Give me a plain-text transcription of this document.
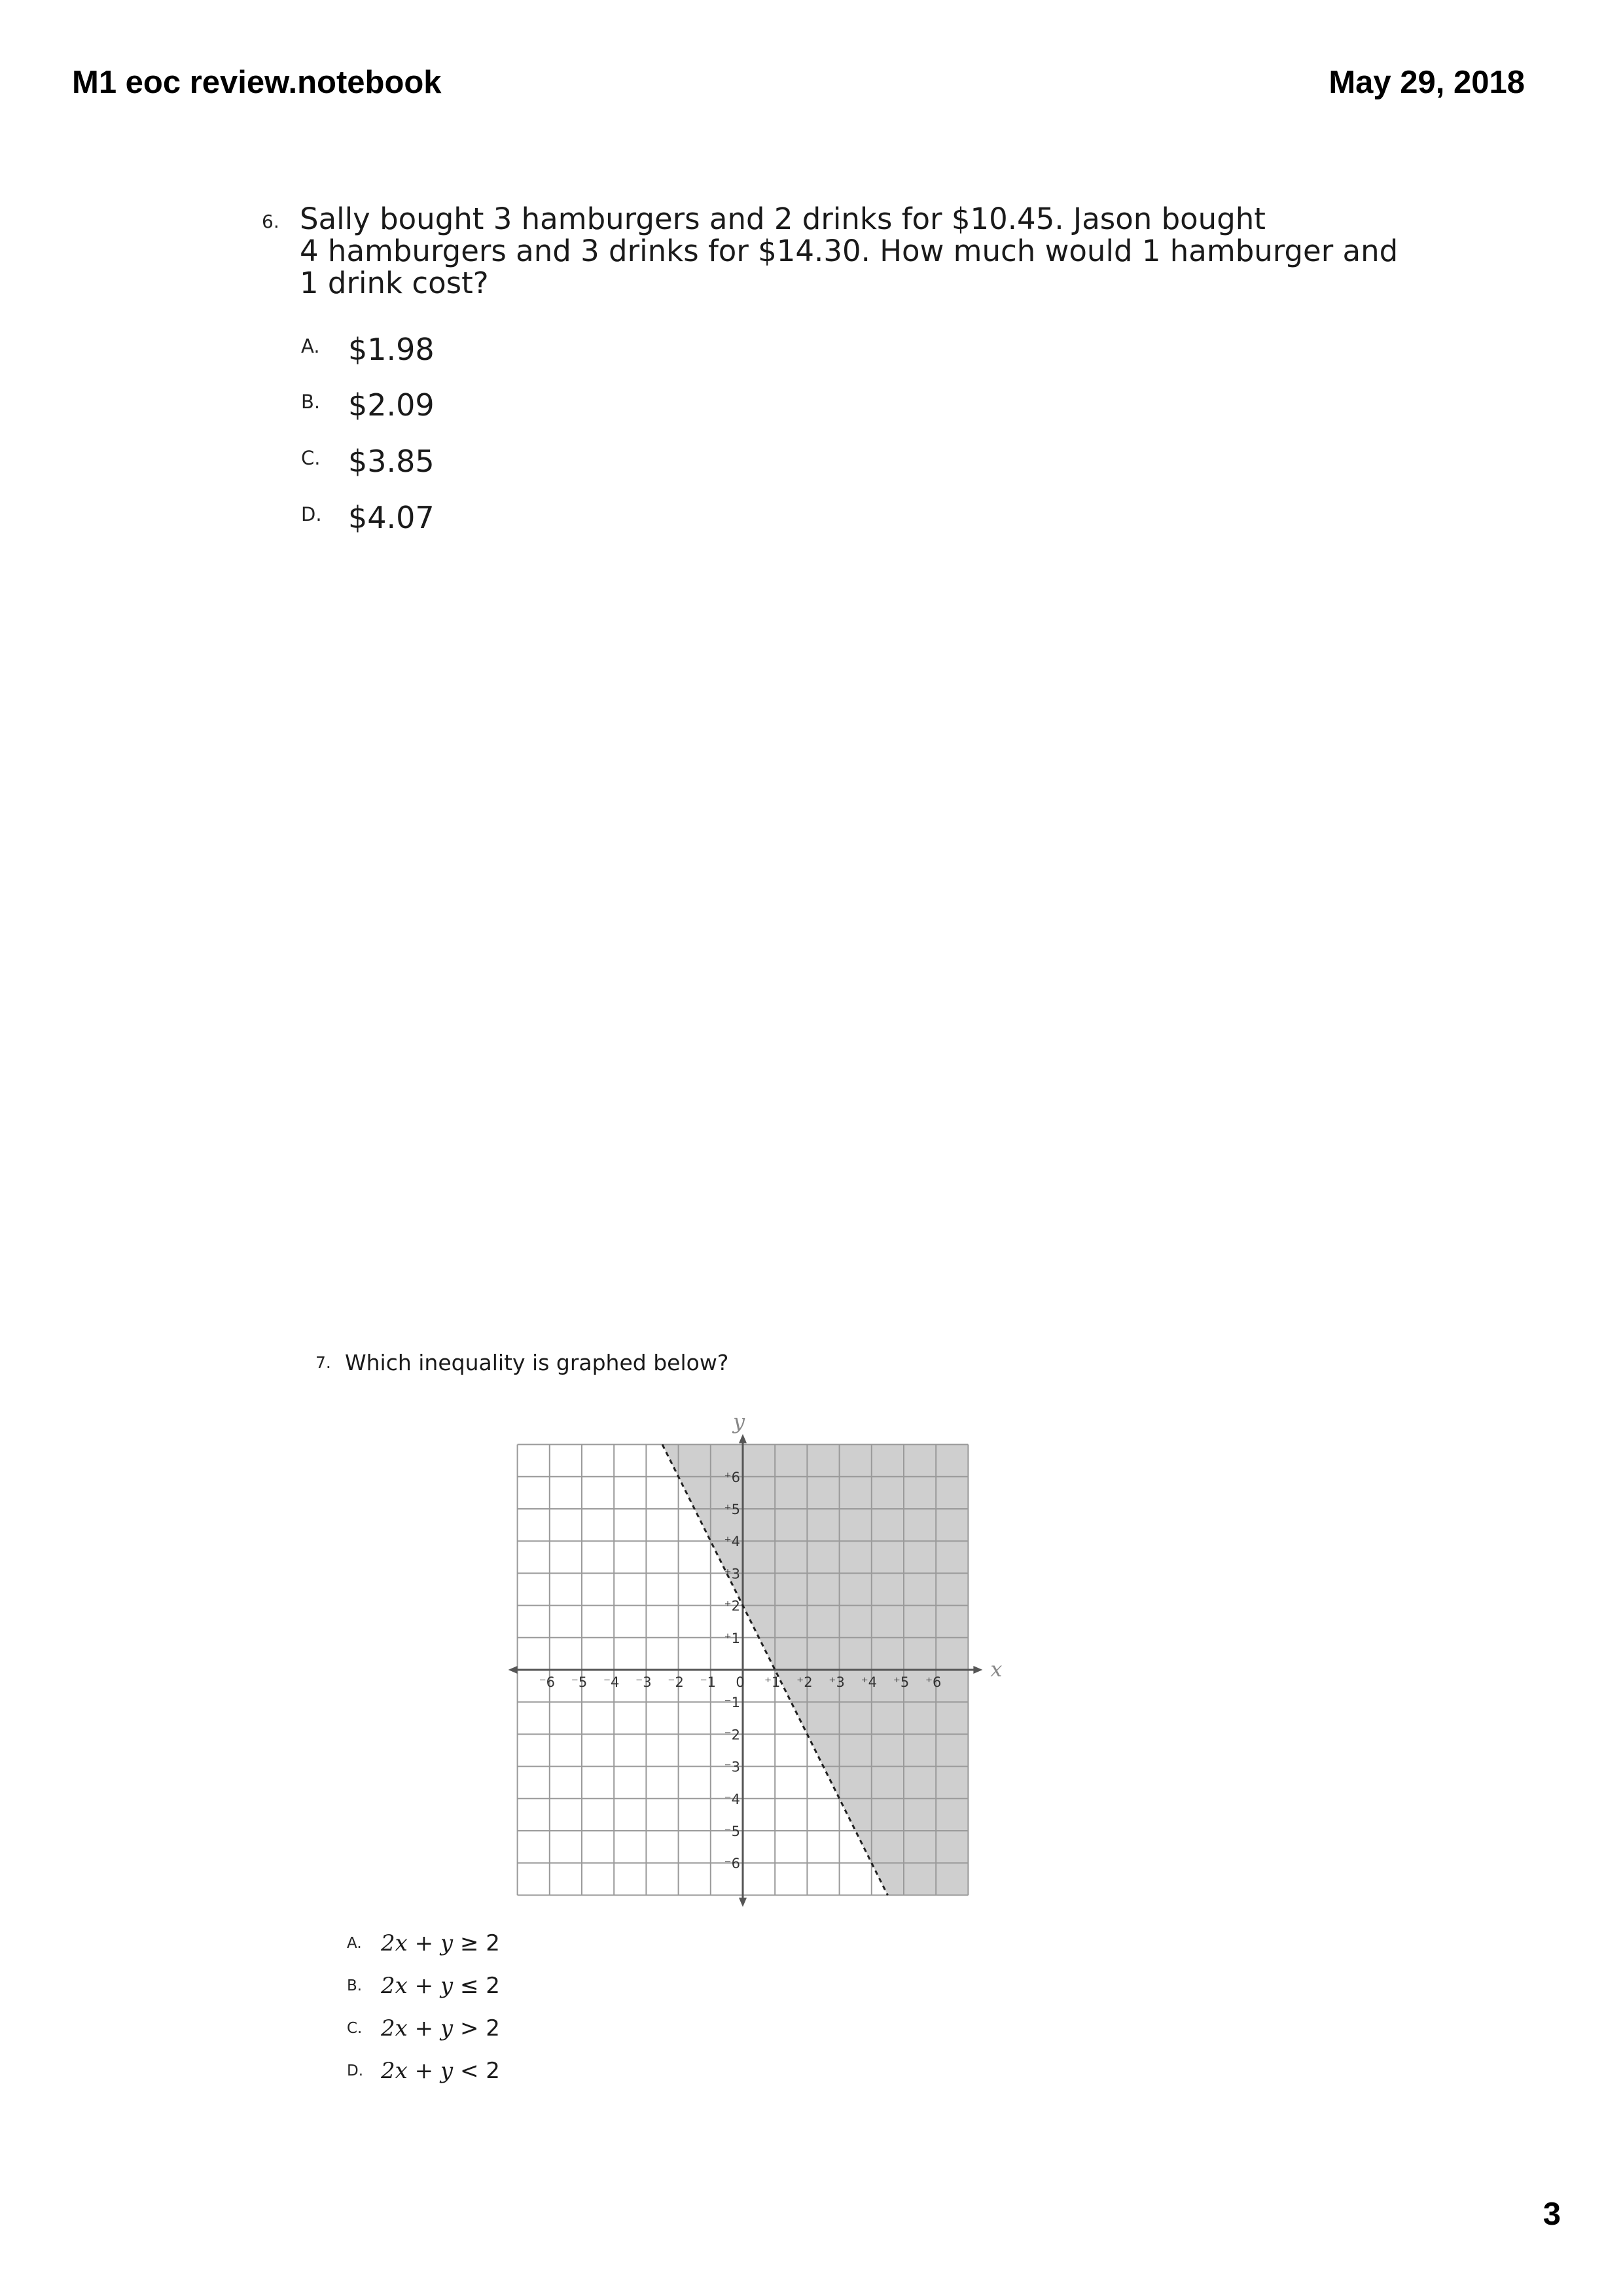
M1 eoc review.notebook	May 29, 2018
6. Sally bought 3 hamburgers and 2 drinks for $10.45. Jason bought
4 hamburgers and 3 drinks for $14.30. How much would 1 hamburger and
1 drink cost?
A. $1.98
B. $2.09
C. $3.85
D. $4.07
7. Which inequality is graphed below?
⁻6 ⁻5 ⁻4 ⁻3 ⁻2 ⁻1 0 ⁺1 ⁺2 ⁺3 ⁺4 ⁺5 ⁺6
⁺6
⁺5
⁺4
⁺3
⁺2
⁺1
⁻1
⁻2
⁻3
⁻4
⁻5
⁻6
x
y
A. 2x + y ≥ 2
B. 2x + y ≤ 2
C. 2x + y > 2
D. 2x + y < 2
3
